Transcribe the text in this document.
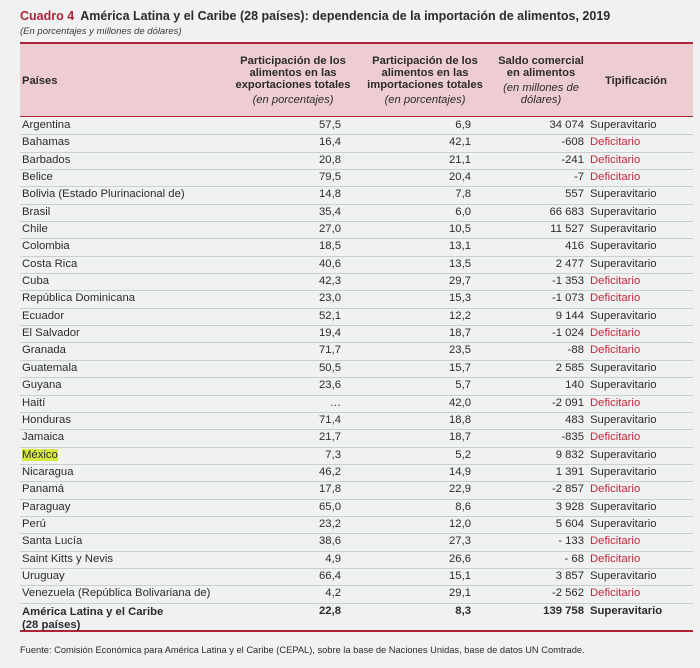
Cuadro 4 América Latina y el Caribe (28 países): dependencia de la importación de alimentos, 2019
(En porcentajes y millones de dólares)
Países
Participación de los alimentos en las exportaciones totales
(en porcentajes)
Participación de los alimentos en las importaciones totales
(en porcentajes)
Saldo comercial en alimentos
(en millones de dólares)
Tipificación
Argentina	57,5	6,9	34 074 Superavitario
Bahamas	16,4	42,1	-608 Deficitario
Barbados	20,8	21,1	-241 Deficitario
Belice	79,5	20,4	-7 Deficitario
Bolivia (Estado Plurinacional de)	14,8	7,8	557 Superavitario
Brasil	35,4	6,0	66 683 Superavitario
Chile	27,0	10,5	11 527 Superavitario
Colombia	18,5	13,1	416 Superavitario
Costa Rica	40,6	13,5	2 477 Superavitario
Cuba	42,3	29,7	-1 353 Deficitario
República Dominicana	23,0	15,3	-1 073 Deficitario
Ecuador	52,1	12,2	9 144 Superavitario
El Salvador	19,4	18,7	-1 024 Deficitario
Granada	71,7	23,5	-88 Deficitario
Guatemala	50,5	15,7	2 585 Superavitario
Guyana	23,6	5,7	140 Superavitario
Haití	…	42,0	-2 091 Deficitario
Honduras	71,4	18,8	483 Superavitario
Jamaica	21,7	18,7	-835 Deficitario
México	7,3	5,2	9 832 Superavitario
Nicaragua	46,2	14,9	1 391 Superavitario
Panamá	17,8	22,9	-2 857 Deficitario
Paraguay	65,0	8,6	3 928 Superavitario
Perú	23,2	12,0	5 604 Superavitario
Santa Lucía	38,6	27,3	- 133 Deficitario
Saint Kitts y Nevis	4,9	26,6	- 68 Deficitario
Uruguay	66,4	15,1	3 857 Superavitario
Venezuela (República Bolivariana de)	4,2	29,1	-2 562 Deficitario
América Latina y el Caribe
(28 países)
22,8	8,3	139 758 Superavitario
Fuente: Comisión Económica para América Latina y el Caribe (CEPAL), sobre la base de Naciones Unidas, base de datos UN Comtrade.
